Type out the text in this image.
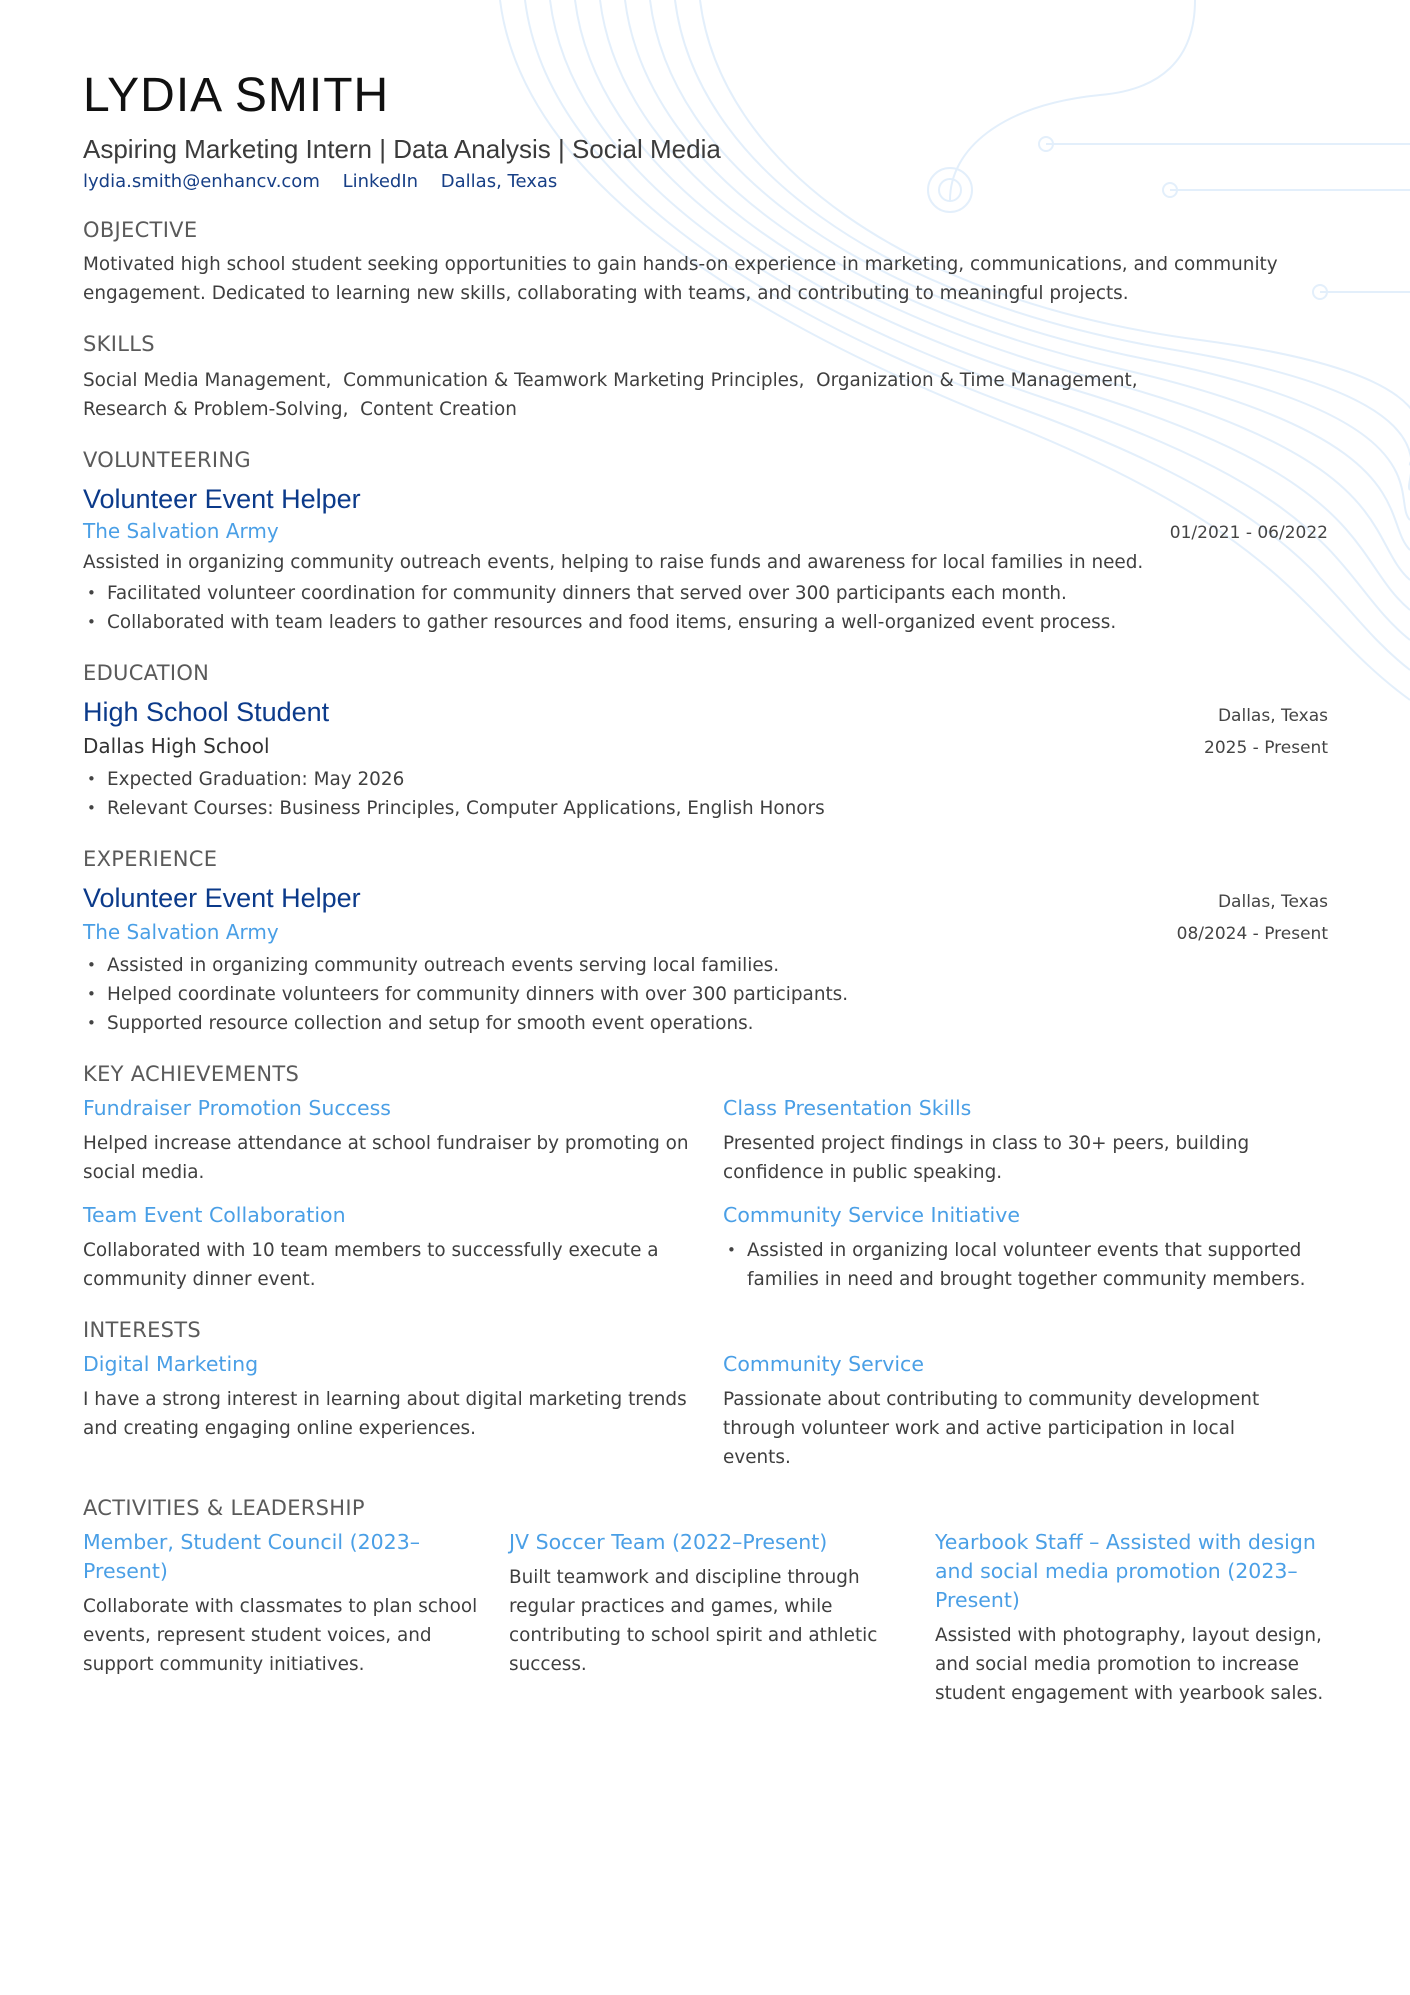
LYDIA SMITH
Aspiring Marketing Intern | Data Analysis | Social Media
lydia.smith@enhancv.com LinkedIn Dallas, Texas
OBJECTIVE
Motivated high school student seeking opportunities to gain hands-on experience in marketing, communications, and community engagement. Dedicated to learning new skills, collaborating with teams, and contributing to meaningful projects.
SKILLS
Social Media Management,  Communication & Teamwork Marketing Principles,  Organization & Time Management,
Research & Problem-Solving,  Content Creation
VOLUNTEERING
Volunteer Event Helper
The Salvation Army	01/2021 - 06/2022
Assisted in organizing community outreach events, helping to raise funds and awareness for local families in need.
• Facilitated volunteer coordination for community dinners that served over 300 participants each month.
• Collaborated with team leaders to gather resources and food items, ensuring a well-organized event process.
EDUCATION
High School Student	Dallas, Texas
Dallas High School	2025 - Present
• Expected Graduation: May 2026
• Relevant Courses: Business Principles, Computer Applications, English Honors
EXPERIENCE
Volunteer Event Helper	Dallas, Texas
The Salvation Army	08/2024 - Present
• Assisted in organizing community outreach events serving local families.
• Helped coordinate volunteers for community dinners with over 300 participants.
• Supported resource collection and setup for smooth event operations.
KEY ACHIEVEMENTS
Fundraiser Promotion Success
Helped increase attendance at school fundraiser by promoting on social media.
Class Presentation Skills
Presented project findings in class to 30+ peers, building confidence in public speaking.
Team Event Collaboration
Collaborated with 10 team members to successfully execute a community dinner event.
Community Service Initiative
• Assisted in organizing local volunteer events that supported families in need and brought together community members.
INTERESTS
Digital Marketing
I have a strong interest in learning about digital marketing trends and creating engaging online experiences.
Community Service
Passionate about contributing to community development through volunteer work and active participation in local events.
ACTIVITIES & LEADERSHIP
Member, Student Council (2023–Present)
Collaborate with classmates to plan school events, represent student voices, and support community initiatives.
JV Soccer Team (2022–Present)
Built teamwork and discipline through regular practices and games, while contributing to school spirit and athletic success.
Yearbook Staff – Assisted with design and social media promotion (2023–Present)
Assisted with photography, layout design, and social media promotion to increase student engagement with yearbook sales.
